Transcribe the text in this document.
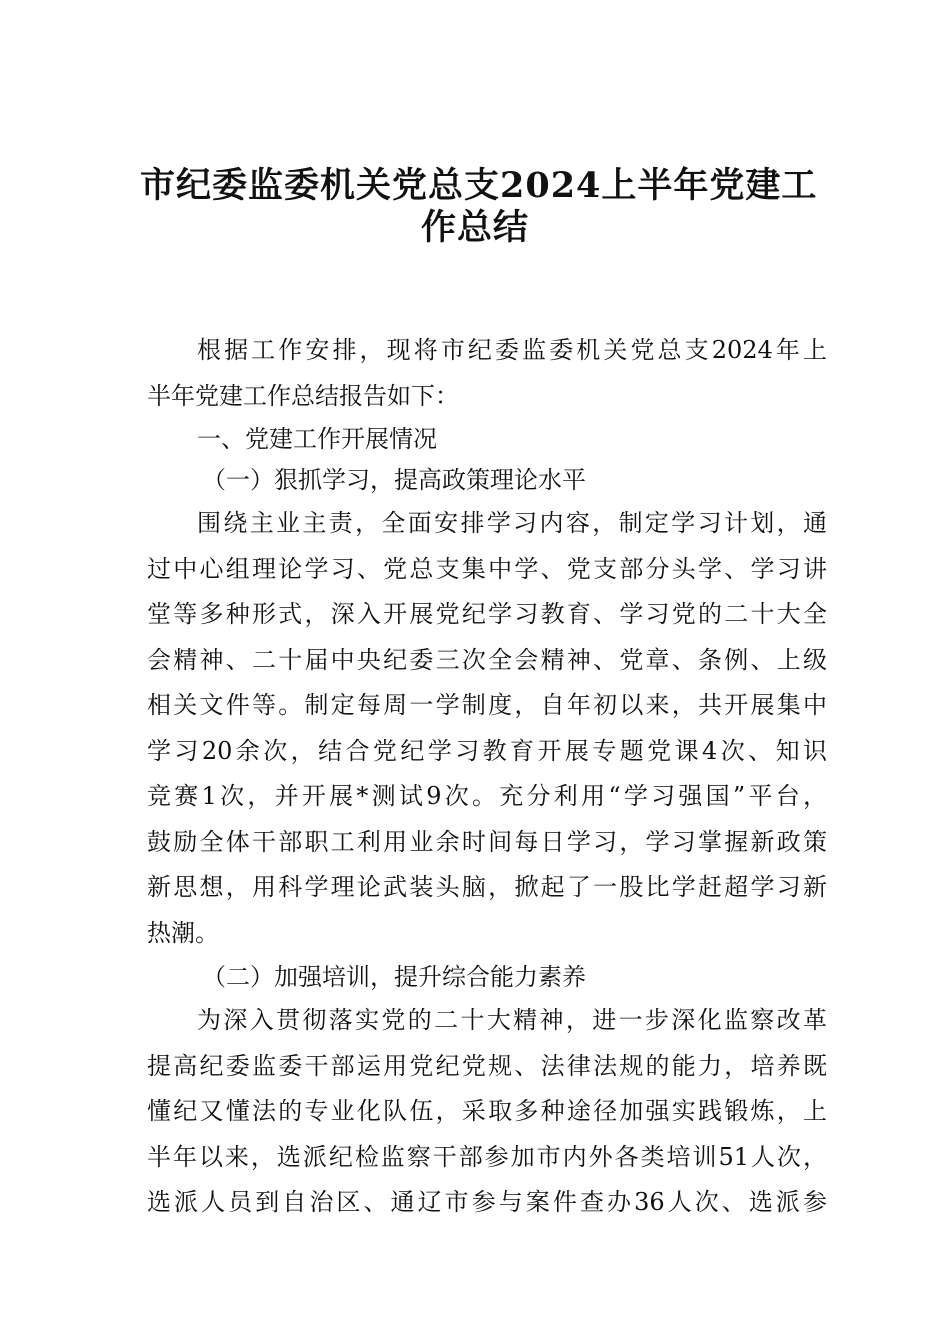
市纪委监委机关党总支2024上半年党建工
作总结
根据工作安排，现将市纪委监委机关党总支2024年上
半年党建工作总结报告如下：
一、党建工作开展情况
（一）狠抓学习，提高政策理论水平
围绕主业主责，全面安排学习内容，制定学习计划，通
过中心组理论学习、党总支集中学、党支部分头学、学习讲
堂等多种形式，深入开展党纪学习教育、学习党的二十大全
会精神、二十届中央纪委三次全会精神、党章、条例、上级
相关文件等。制定每周一学制度，自年初以来，共开展集中
学习20余次，结合党纪学习教育开展专题党课4次、知识
竞赛1次，并开展*测试9次。充分利用“学习强国”平台，
鼓励全体干部职工利用业余时间每日学习，学习掌握新政策
新思想，用科学理论武装头脑，掀起了一股比学赶超学习新
热潮。
（二）加强培训，提升综合能力素养
为深入贯彻落实党的二十大精神，进一步深化监察改革
提高纪委监委干部运用党纪党规、法律法规的能力，培养既
懂纪又懂法的专业化队伍，采取多种途径加强实践锻炼，上
半年以来，选派纪检监察干部参加市内外各类培训51人次，
选派人员到自治区、通辽市参与案件查办36人次、选派参
